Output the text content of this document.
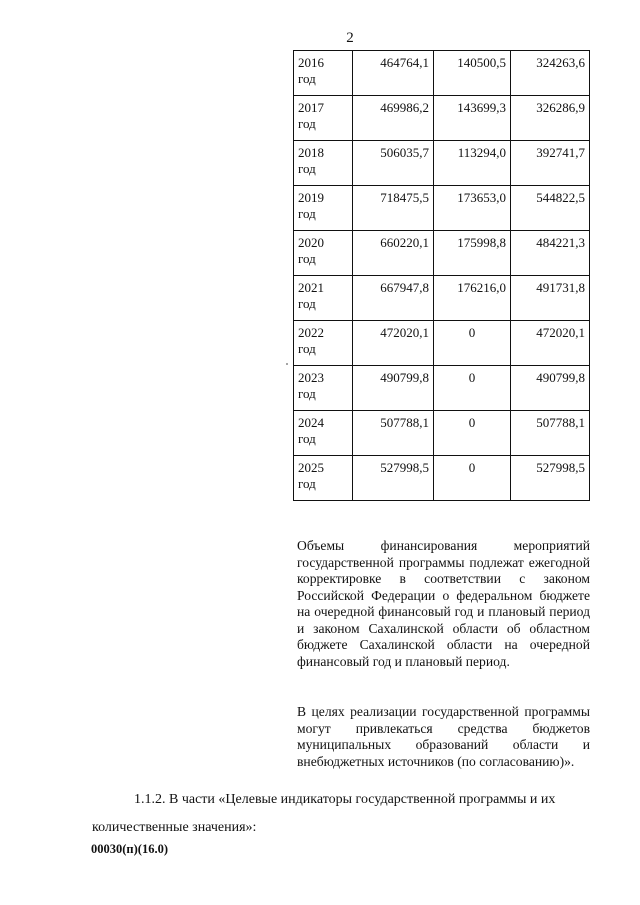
2
2016
год	464764,1	140500,5	324263,6

2017
год	469986,2	143699,3	326286,9

2018
год	506035,7	113294,0	392741,7

2019
год	718475,5	173653,0	544822,5

2020
год	660220,1	175998,8	484221,3

2021
год	667947,8	176216,0	491731,8

2022
год	472020,1	0	472020,1

2023
год	490799,8	0	490799,8

2024
год	507788,1	0	507788,1

2025
год	527998,5	0	527998,5
Объемы финансирования мероприятий государственной программы подлежат ежегодной корректировке в соответствии с законом Российской Федерации о федеральном бюджете на очередной финансовый год и плановый период и законом Сахалинской области об областном бюджете Сахалинской области на очередной финансовый год и плановый период.
В целях реализации государственной программы могут привлекаться средства бюджетов муниципальных образований области и внебюджетных источников (по согласованию)».
1.1.2. В части «Целевые индикаторы государственной программы и их
количественные значения»:
00030(п)(16.0)
